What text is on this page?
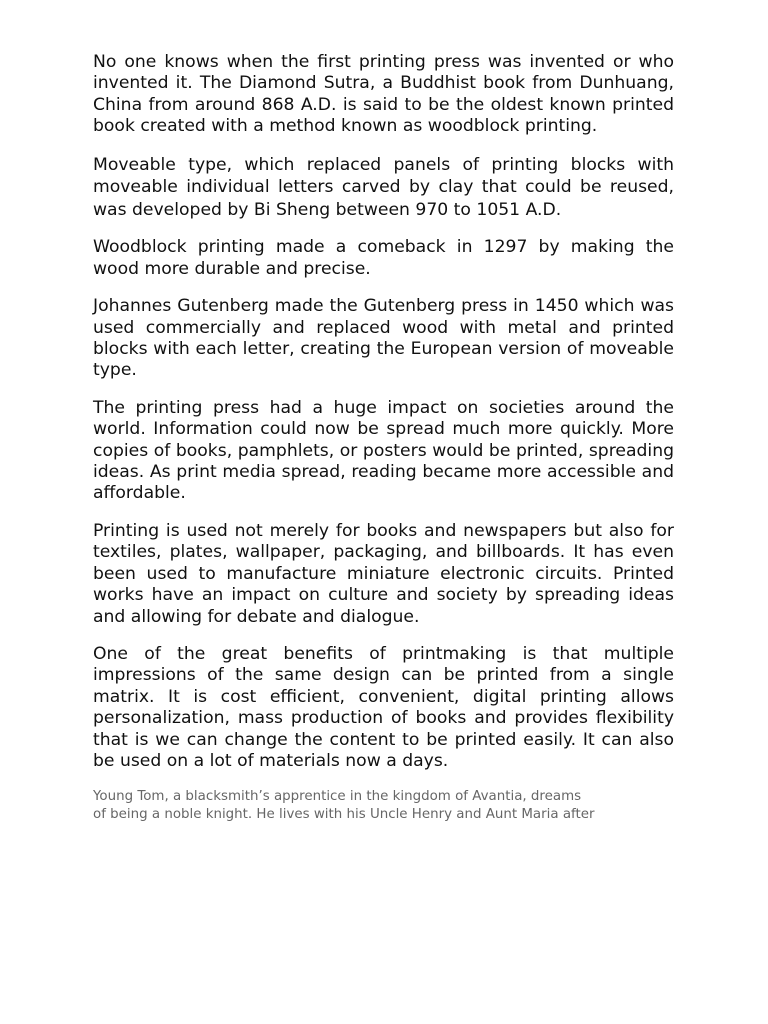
No one knows when the first printing press was invented or who invented it. The Diamond Sutra, a Buddhist book from Dunhuang, China from around 868 A.D. is said to be the oldest known printed book created with a method known as woodblock printing.

Moveable type, which replaced panels of printing blocks with moveable individual letters carved by clay that could be reused, was developed by Bi Sheng between 970 to 1051 A.D.

Woodblock printing made a comeback in 1297 by making the wood more durable and precise.

Johannes Gutenberg made the Gutenberg press in 1450 which was used commercially and replaced wood with metal and printed blocks with each letter, creating the European version of moveable type.

The printing press had a huge impact on societies around the world. Information could now be spread much more quickly. More copies of books, pamphlets, or posters would be printed, spreading ideas. As print media spread, reading became more accessible and affordable.

Printing is used not merely for books and newspapers but also for textiles, plates, wallpaper, packaging, and billboards. It has even been used to manufacture miniature electronic circuits. Printed works have an impact on culture and society by spreading ideas and allowing for debate and dialogue.

One of the great benefits of printmaking is that multiple impressions of the same design can be printed from a single matrix. It is cost efficient, convenient, digital printing allows personalization, mass production of books and provides flexibility that is we can change the content to be printed easily. It can also be used on a lot of materials now a days.

Young Tom, a blacksmith’s apprentice in the kingdom of Avantia, dreams
of being a noble knight. He lives with his Uncle Henry and Aunt Maria after
